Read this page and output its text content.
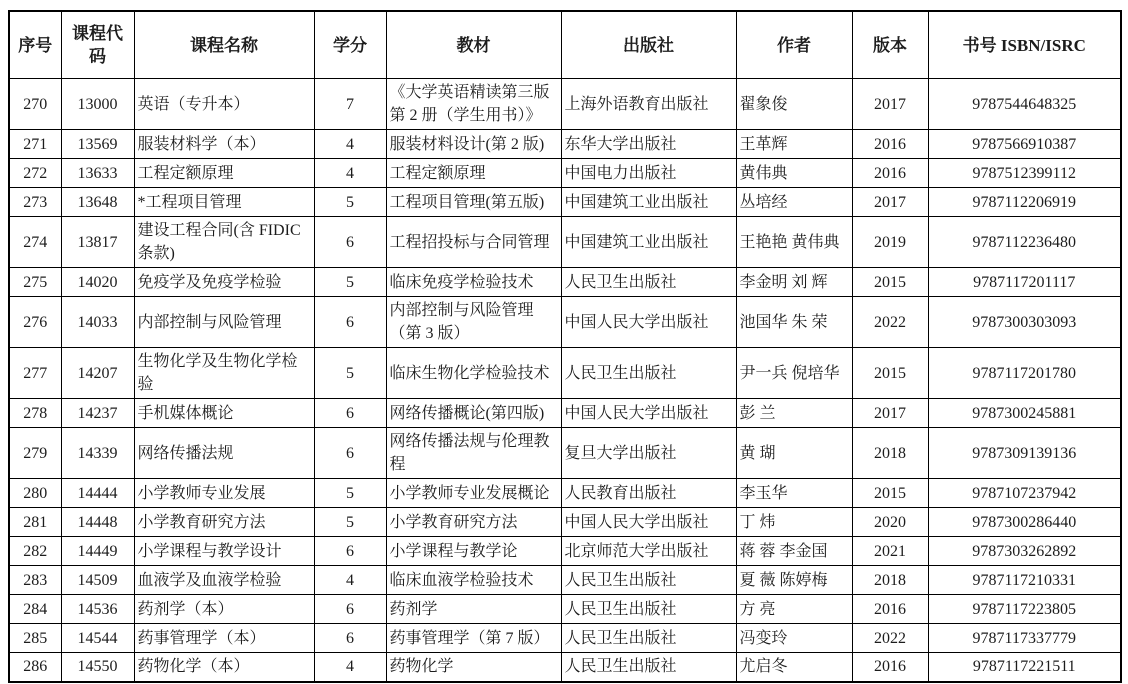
序号	课程代码	课程名称	学分	教材	出版社	作者	版本	书号 ISBN/ISRC
270	13000	英语（专升本）	7	《大学英语精读第三版第 2 册（学生用书）》	上海外语教育出版社	翟象俊	2017	9787544648325
271	13569	服装材料学（本）	4	服装材料设计(第 2 版)	东华大学出版社	王革辉	2016	9787566910387
272	13633	工程定额原理	4	工程定额原理	中国电力出版社	黄伟典	2016	9787512399112
273	13648	*工程项目管理	5	工程项目管理(第五版)	中国建筑工业出版社	丛培经	2017	9787112206919
274	13817	建设工程合同(含 FIDIC 条款)	6	工程招投标与合同管理	中国建筑工业出版社	王艳艳 黄伟典	2019	9787112236480
275	14020	免疫学及免疫学检验	5	临床免疫学检验技术	人民卫生出版社	李金明 刘 辉	2015	9787117201117
276	14033	内部控制与风险管理	6	内部控制与风险管理（第 3 版）	中国人民大学出版社	池国华 朱 荣	2022	9787300303093
277	14207	生物化学及生物化学检验	5	临床生物化学检验技术	人民卫生出版社	尹一兵 倪培华	2015	9787117201780
278	14237	手机媒体概论	6	网络传播概论(第四版)	中国人民大学出版社	彭 兰	2017	9787300245881
279	14339	网络传播法规	6	网络传播法规与伦理教程	复旦大学出版社	黄 瑚	2018	9787309139136
280	14444	小学教师专业发展	5	小学教师专业发展概论	人民教育出版社	李玉华	2015	9787107237942
281	14448	小学教育研究方法	5	小学教育研究方法	中国人民大学出版社	丁 炜	2020	9787300286440
282	14449	小学课程与教学设计	6	小学课程与教学论	北京师范大学出版社	蒋 蓉 李金国	2021	9787303262892
283	14509	血液学及血液学检验	4	临床血液学检验技术	人民卫生出版社	夏 薇 陈婷梅	2018	9787117210331
284	14536	药剂学（本）	6	药剂学	人民卫生出版社	方 亮	2016	9787117223805
285	14544	药事管理学（本）	6	药事管理学（第 7 版）	人民卫生出版社	冯变玲	2022	9787117337779
286	14550	药物化学（本）	4	药物化学	人民卫生出版社	尤启冬	2016	9787117221511
